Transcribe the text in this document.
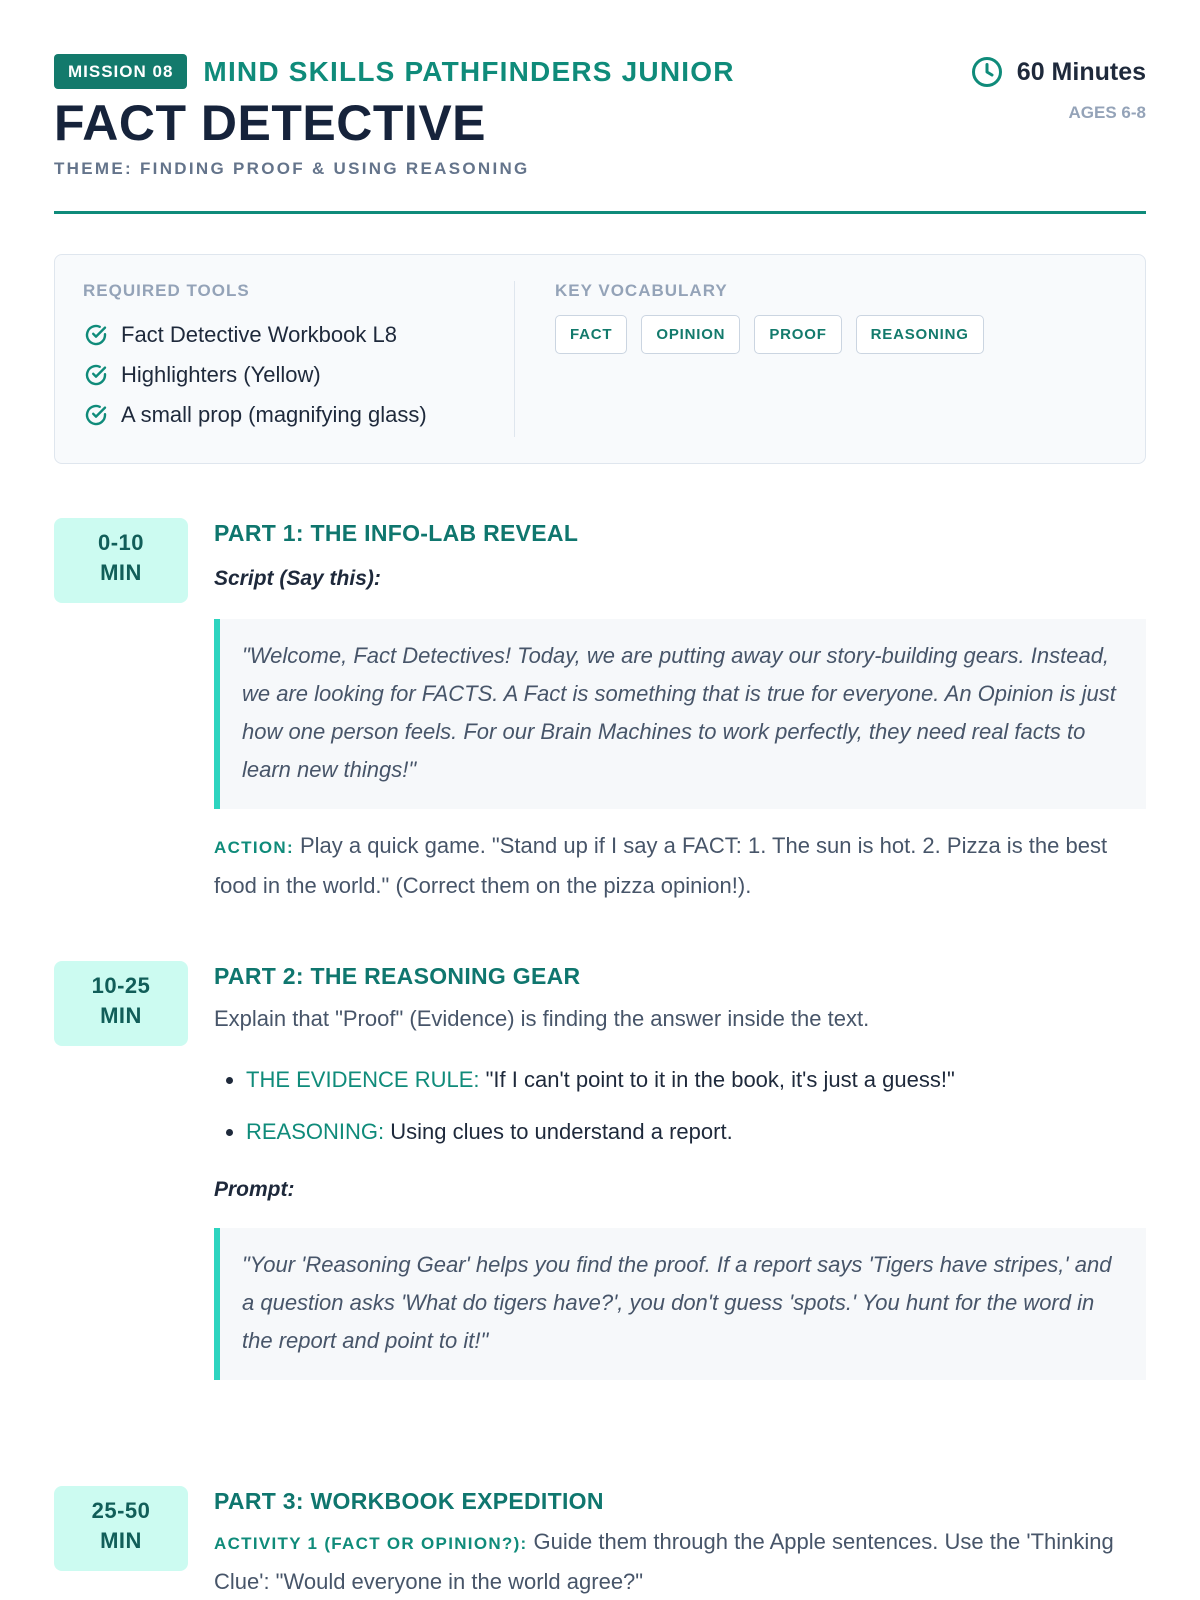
MISSION 08	MIND SKILLS PATHFINDERS JUNIOR
FACT DETECTIVE
THEME: FINDING PROOF & USING REASONING
60 Minutes
AGES 6-8
REQUIRED TOOLS
Fact Detective Workbook L8
Highlighters (Yellow)
A small prop (magnifying glass)
KEY VOCABULARY
FACT	OPINION	PROOF	REASONING
0-10
MIN
PART 1: THE INFO-LAB REVEAL
Script (Say this):
"Welcome, Fact Detectives! Today, we are putting away our story-building gears. Instead, we are looking for FACTS. A Fact is something that is true for everyone. An Opinion is just how one person feels. For our Brain Machines to work perfectly, they need real facts to learn new things!"
ACTION: Play a quick game. "Stand up if I say a FACT: 1. The sun is hot. 2. Pizza is the best food in the world." (Correct them on the pizza opinion!).
10-25
MIN
PART 2: THE REASONING GEAR
Explain that "Proof" (Evidence) is finding the answer inside the text.
• THE EVIDENCE RULE: "If I can't point to it in the book, it's just a guess!"
• REASONING: Using clues to understand a report.
Prompt:
"Your 'Reasoning Gear' helps you find the proof. If a report says 'Tigers have stripes,' and a question asks 'What do tigers have?', you don't guess 'spots.' You hunt for the word in the report and point to it!"
25-50
MIN
PART 3: WORKBOOK EXPEDITION
ACTIVITY 1 (FACT OR OPINION?): Guide them through the Apple sentences. Use the 'Thinking Clue': "Would everyone in the world agree?"
